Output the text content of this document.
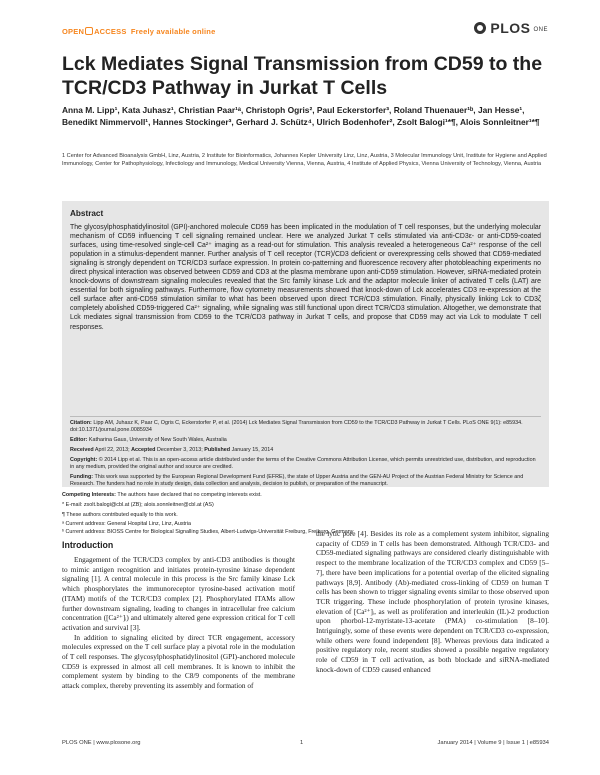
OPEN ACCESS Freely available online	PLOS ONE
Lck Mediates Signal Transmission from CD59 to the TCR/CD3 Pathway in Jurkat T Cells
Anna M. Lipp¹, Kata Juhasz¹, Christian Paar¹ᵃ, Christoph Ogris², Paul Eckerstorfer³, Roland Thuenauer¹ᵇ, Jan Hesse¹, Benedikt Nimmervoll¹, Hannes Stockinger³, Gerhard J. Schütz⁴, Ulrich Bodenhofer², Zsolt Balogi¹*¶, Alois Sonnleitner¹*¶
1 Center for Advanced Bioanalysis GmbH, Linz, Austria, 2 Institute for Bioinformatics, Johannes Kepler University Linz, Linz, Austria, 3 Molecular Immunology Unit, Institute for Hygiene and Applied Immunology, Center for Pathophysiology, Infectiology and Immunology, Medical University Vienna, Vienna, Austria, 4 Institute of Applied Physics, Vienna University of Technology, Vienna, Austria
Abstract
The glycosylphosphatidylinositol (GPI)-anchored molecule CD59 has been implicated in the modulation of T cell responses, but the underlying molecular mechanism of CD59 influencing T cell signaling remained unclear. Here we analyzed Jurkat T cells stimulated via anti-CD3ε- or anti-CD59-coated surfaces, using time-resolved single-cell Ca²⁺ imaging as a read-out for stimulation. This analysis revealed a heterogeneous Ca²⁺ response of the cell population in a stimulus-dependent manner. Further analysis of T cell receptor (TCR)/CD3 deficient or overexpressing cells showed that CD59-mediated signaling is strongly dependent on TCR/CD3 surface expression. In protein co-patterning and fluorescence recovery after photobleaching experiments no direct physical interaction was observed between CD59 and CD3 at the plasma membrane upon anti-CD59 stimulation. However, siRNA-mediated protein knock-downs of downstream signaling molecules revealed that the Src family kinase Lck and the adaptor molecule linker of activated T cells (LAT) are essential for both signaling pathways. Furthermore, flow cytometry measurements showed that knock-down of Lck accelerates CD3 re-expression at the cell surface after anti-CD59 stimulation similar to what has been observed upon direct TCR/CD3 stimulation. Finally, physically linking Lck to CD3ζ completely abolished CD59-triggered Ca²⁺ signaling, while signaling was still functional upon direct TCR/CD3 stimulation. Altogether, we demonstrate that Lck mediates signal transmission from CD59 to the TCR/CD3 pathway in Jurkat T cells, and propose that CD59 may act via Lck to modulate T cell responses.
Citation: Lipp AM, Juhasz K, Paar C, Ogris C, Eckerstorfer P, et al. (2014) Lck Mediates Signal Transmission from CD59 to the TCR/CD3 Pathway in Jurkat T Cells. PLoS ONE 9(1): e85934. doi:10.1371/journal.pone.0085934
Editor: Katharina Gaus, University of New South Wales, Australia
Received April 22, 2013; Accepted December 3, 2013; Published January 15, 2014
Copyright: © 2014 Lipp et al. This is an open-access article distributed under the terms of the Creative Commons Attribution License, which permits unrestricted use, distribution, and reproduction in any medium, provided the original author and source are credited.
Funding: This work was supported by the European Regional Development Fund (EFRE), the state of Upper Austria and the GEN-AU Project of the Austrian Federal Ministry for Science and Research. The funders had no role in study design, data collection and analysis, decision to publish, or preparation of the manuscript.
Competing Interests: The authors have declared that no competing interests exist.
* E-mail: zsolt.balogi@cbl.at (ZB); alois.sonnleitner@cbl.at (AS)
¶ These authors contributed equally to this work.
ᵃ Current address: General Hospital Linz, Linz, Austria
ᵇ Current address: BIOSS Centre for Biological Signalling Studies, Albert-Ludwigs-Universität Freiburg, Freiburg, Germany
Introduction

Engagement of the TCR/CD3 complex by anti-CD3 antibodies is thought to mimic antigen recognition and initiates protein-tyrosine kinase dependent signaling [1]. A central molecule in this process is the Src family kinase Lck which phosphorylates the immunoreceptor tyrosine-based activation motif (ITAM) motifs of the TCR/CD3 complex [2]. Phosphorylated ITAMs allow further downstream signaling, leading to changes in intracellular free calcium concentration ([Ca²⁺]ᵢ) and ultimately altered gene expression critical for T cell activation and survival [3].

In addition to signaling elicited by direct TCR engagement, accessory molecules expressed on the T cell surface play a pivotal role in the modulation of T cell responses. The glycosylphosphatidylinositol (GPI)-anchored molecule CD59 is expressed in almost all cell membranes. It is known to inhibit the complement system by binding to the C8/9 components of the membrane attack complex, thereby preventing its assembly and formation of

the lytic pore [4]. Besides its role as a complement system inhibitor, signaling capacity of CD59 in T cells has been demonstrated. Although TCR/CD3- and CD59-mediated signaling pathways are considered clearly distinguishable with respect to the membrane localization of the TCR/CD3 complex and CD59 [5–7], there have been implications for a potential overlap of the elicited signaling pathways [8,9]. Antibody (Ab)-mediated cross-linking of CD59 on human T cells has been shown to trigger signaling events similar to those observed upon TCR triggering. These include phosphorylation of protein tyrosine kinases, elevation of [Ca²⁺]ᵢ, as well as proliferation and interleukin (IL)-2 production upon phorbol-12-myristate-13-acetate (PMA) co-stimulation [8–10]. Intriguingly, some of these events were dependent on TCR/CD3 co-expression, while others were found independent [8]. Whereas previous data indicated a positive regulatory role, recent studies showed a possible negative regulatory role of CD59 in T cell activation, as both blockade and siRNA-mediated knock-down of CD59 caused enhanced

PLOS ONE | www.plosone.org	1	January 2014 | Volume 9 | Issue 1 | e85934
